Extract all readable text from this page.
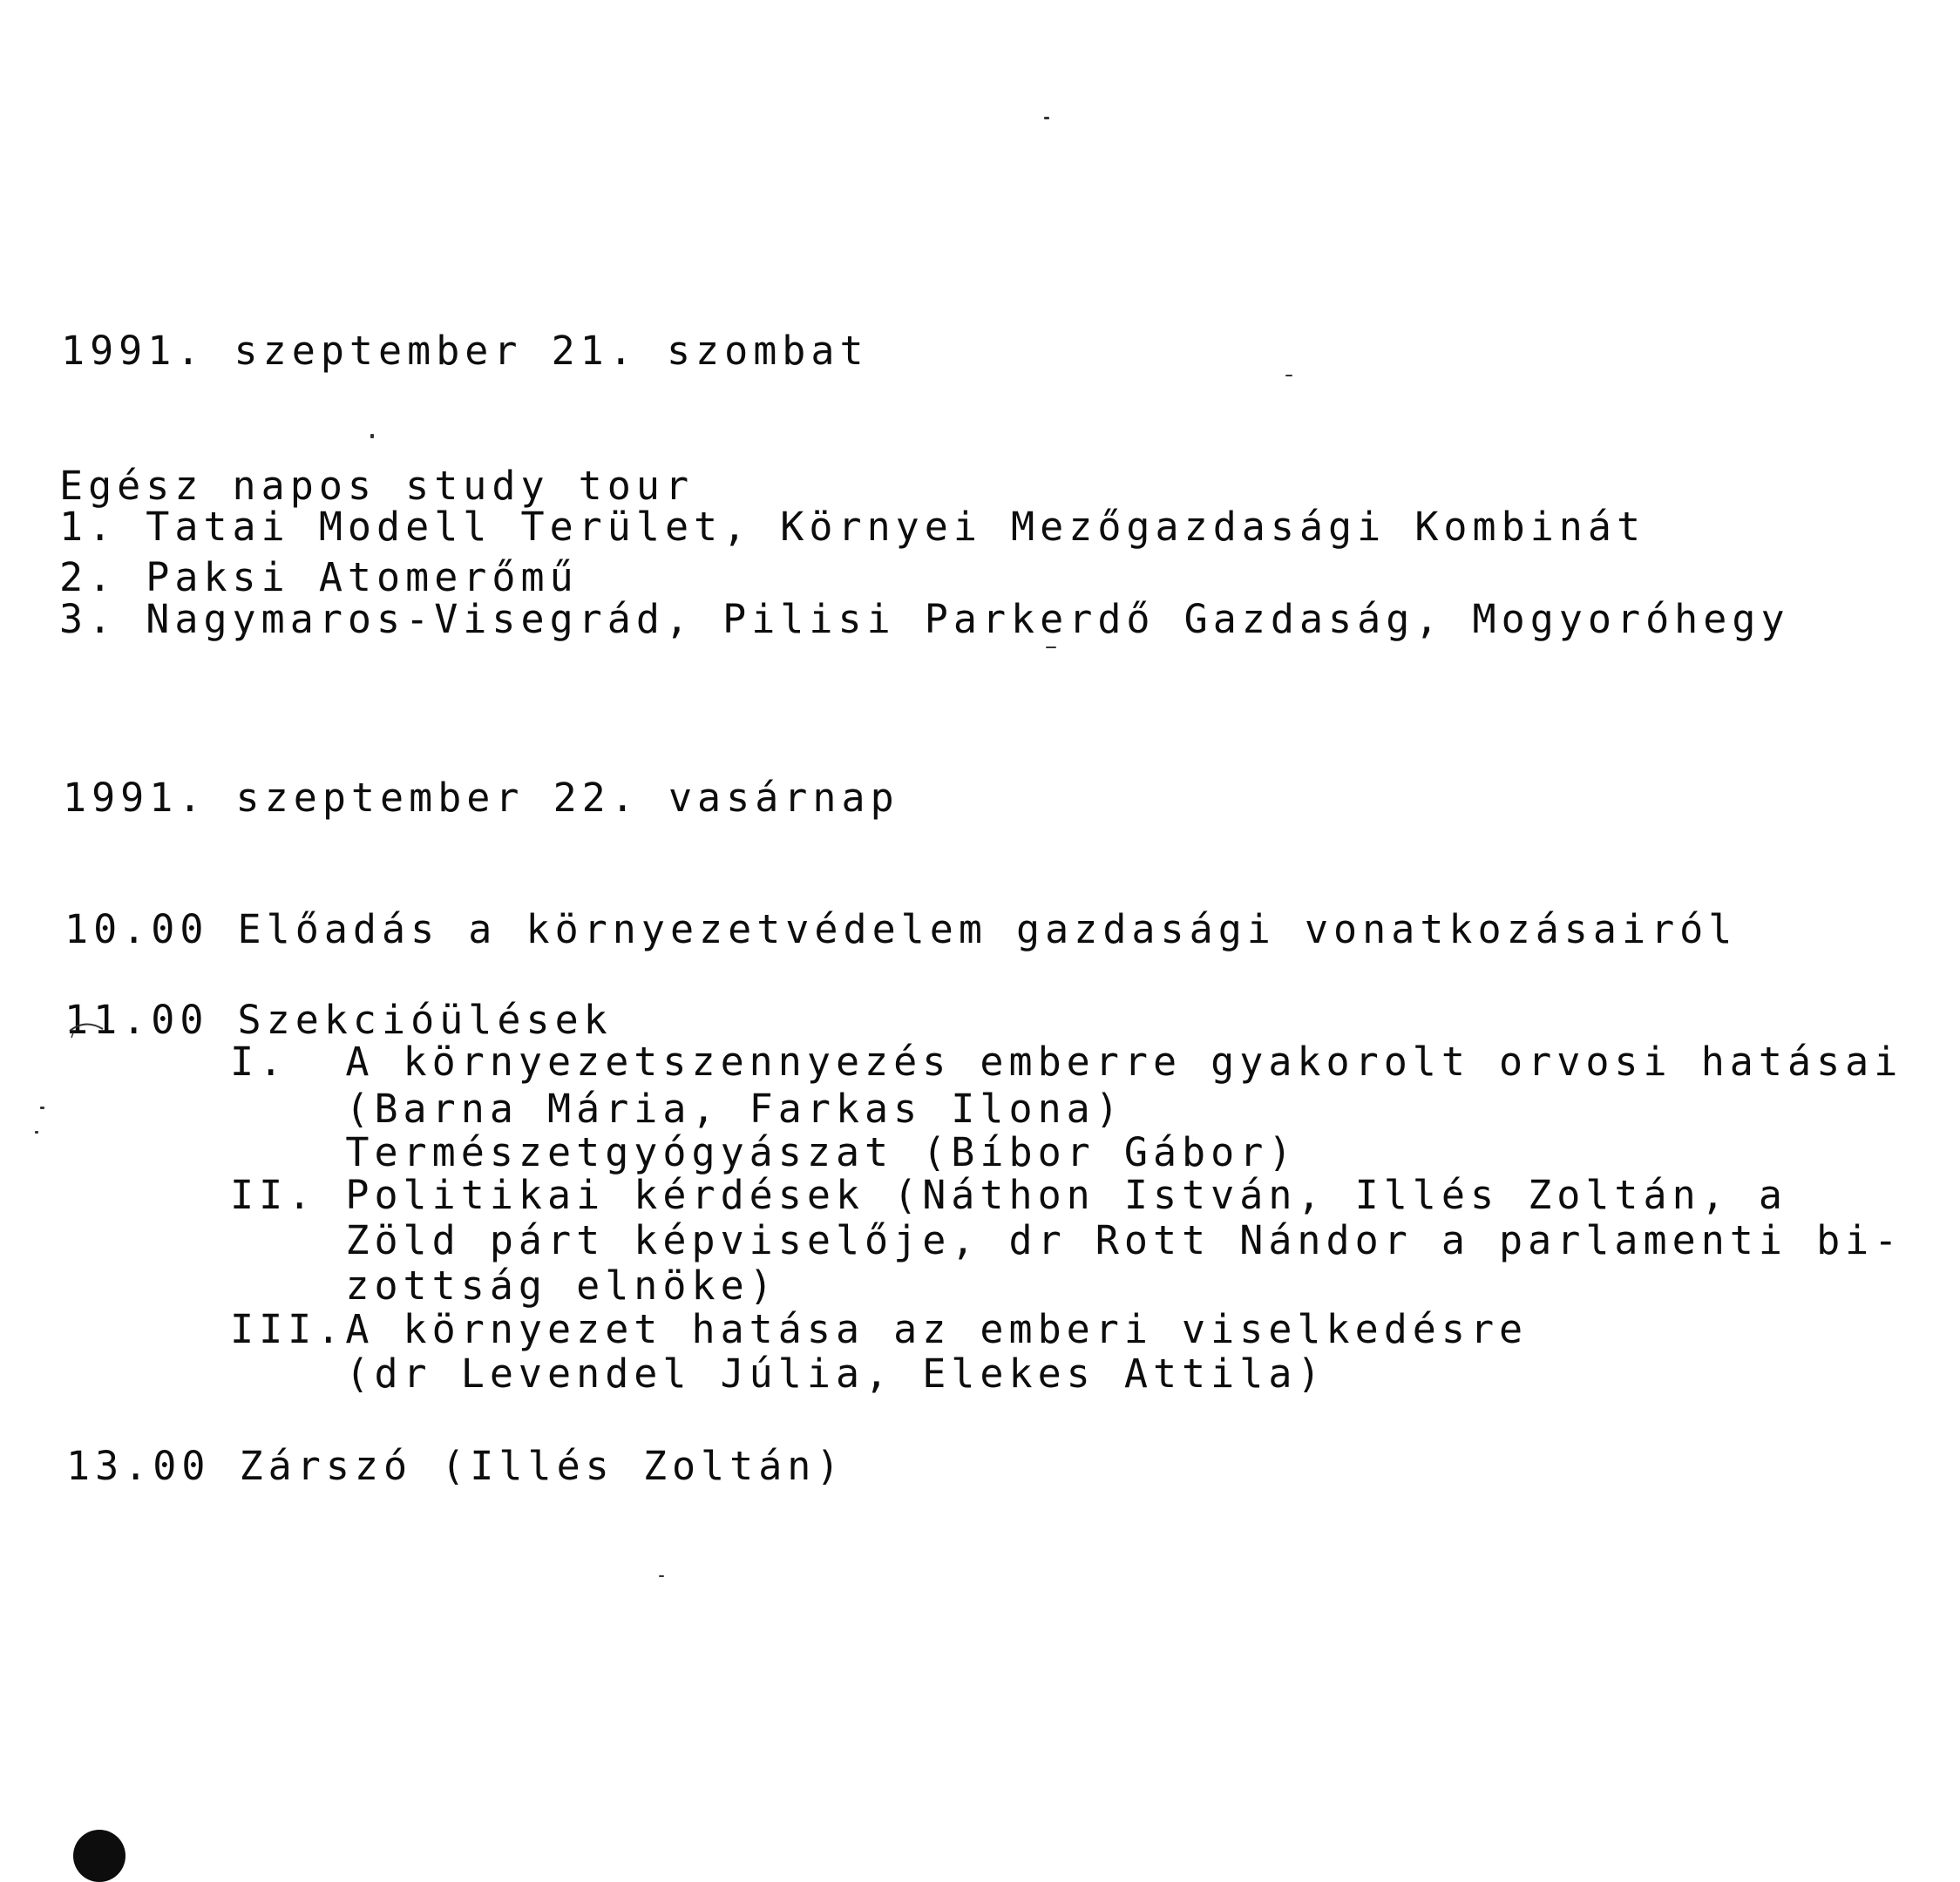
1991. szeptember 21. szombat
Egész napos study tour
1. Tatai Modell Terület, Környei Mezőgazdasági Kombinát
2. Paksi Atomerőmű
3. Nagymaros-Visegrád, Pilisi Parkerdő Gazdaság, Mogyoróhegy
1991. szeptember 22. vasárnap
10.00 Előadás a környezetvédelem gazdasági vonatkozásairól
11.00 Szekcióülések
I.  A környezetszennyezés emberre gyakorolt orvosi hatásai
(Barna Mária, Farkas Ilona)
Természetgyógyászat (Bíbor Gábor)
II. Politikai kérdések (Náthon István, Illés Zoltán, a
Zöld párt képviselője, dr Rott Nándor a parlamenti bi-
zottság elnöke)
III.A környezet hatása az emberi viselkedésre
(dr Levendel Júlia, Elekes Attila)
13.00 Zárszó (Illés Zoltán)
